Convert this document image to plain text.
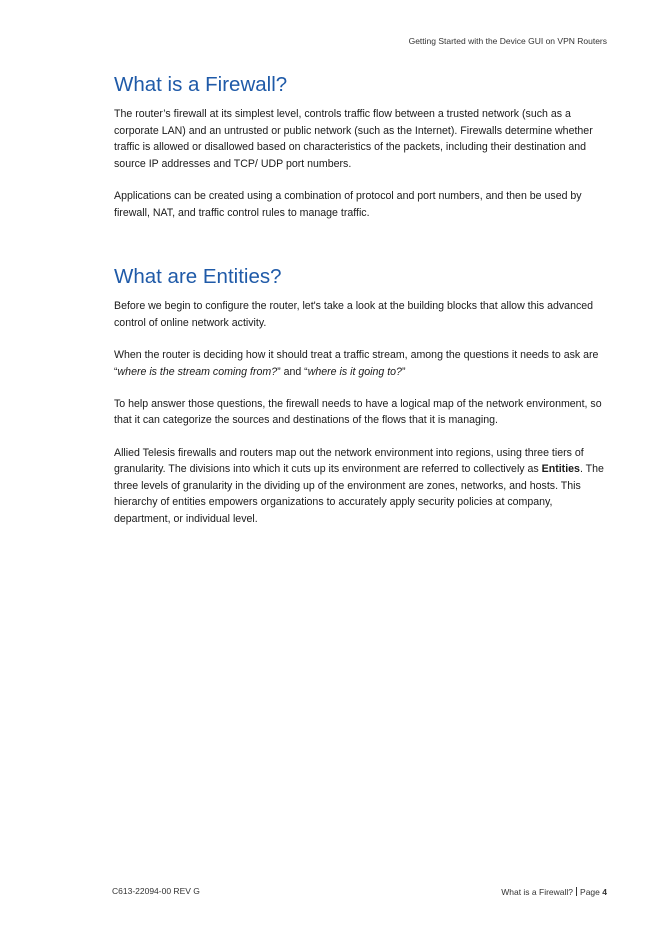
Getting Started with the Device GUI on VPN Routers
What is a Firewall?

The router’s firewall at its simplest level, controls traffic flow between a trusted network (such as a corporate LAN) and an untrusted or public network (such as the Internet). Firewalls determine whether traffic is allowed or disallowed based on characteristics of the packets, including their destination and source IP addresses and TCP/ UDP port numbers.

Applications can be created using a combination of protocol and port numbers, and then be used by firewall, NAT, and traffic control rules to manage traffic.

What are Entities?

Before we begin to configure the router, let's take a look at the building blocks that allow this advanced control of online network activity.

When the router is deciding how it should treat a traffic stream, among the questions it needs to ask are “where is the stream coming from?” and “where is it going to?”

To help answer those questions, the firewall needs to have a logical map of the network environment, so that it can categorize the sources and destinations of the flows that it is managing.

Allied Telesis firewalls and routers map out the network environment into regions, using three tiers of granularity. The divisions into which it cuts up its environment are referred to collectively as Entities. The three levels of granularity in the dividing up of the environment are zones, networks, and hosts. This hierarchy of entities empowers organizations to accurately apply security policies at company, department, or individual level.

C613-22094-00 REV G	What is a Firewall? Page 4
